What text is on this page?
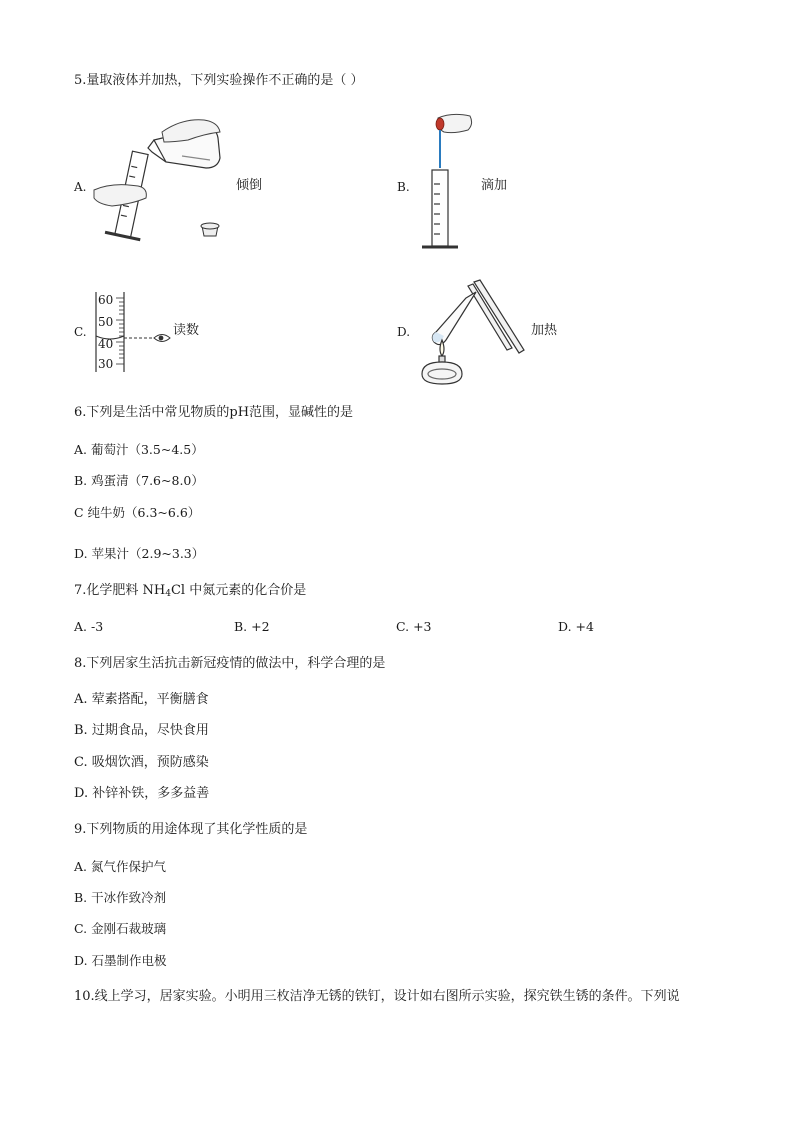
5.量取液体并加热，下列实验操作不正确的是（ ）
A.	倾倒	B.	滴加
C.
60
50
40
30
读数	D.	加热
6.下列是生活中常见物质的pH范围，显碱性的是
A. 葡萄汁（3.5~4.5）
B. 鸡蛋清（7.6~8.0）
C 纯牛奶（6.3~6.6）
D. 苹果汁（2.9~3.3）
7.化学肥料 $NH_4Cl$ 中氮元素的化合价是
A. -3	B. +2	C. +3	D. +4
8.下列居家生活抗击新冠疫情的做法中，科学合理的是
A. 荤素搭配，平衡膳食
B. 过期食品，尽快食用
C. 吸烟饮酒，预防感染
D. 补锌补铁，多多益善
9.下列物质的用途体现了其化学性质的是
A. 氮气作保护气
B. 干冰作致冷剂
C. 金刚石裁玻璃
D. 石墨制作电极
10.线上学习，居家实验。小明用三枚洁净无锈的铁钉，设计如右图所示实验，探究铁生锈的条件。下列说
